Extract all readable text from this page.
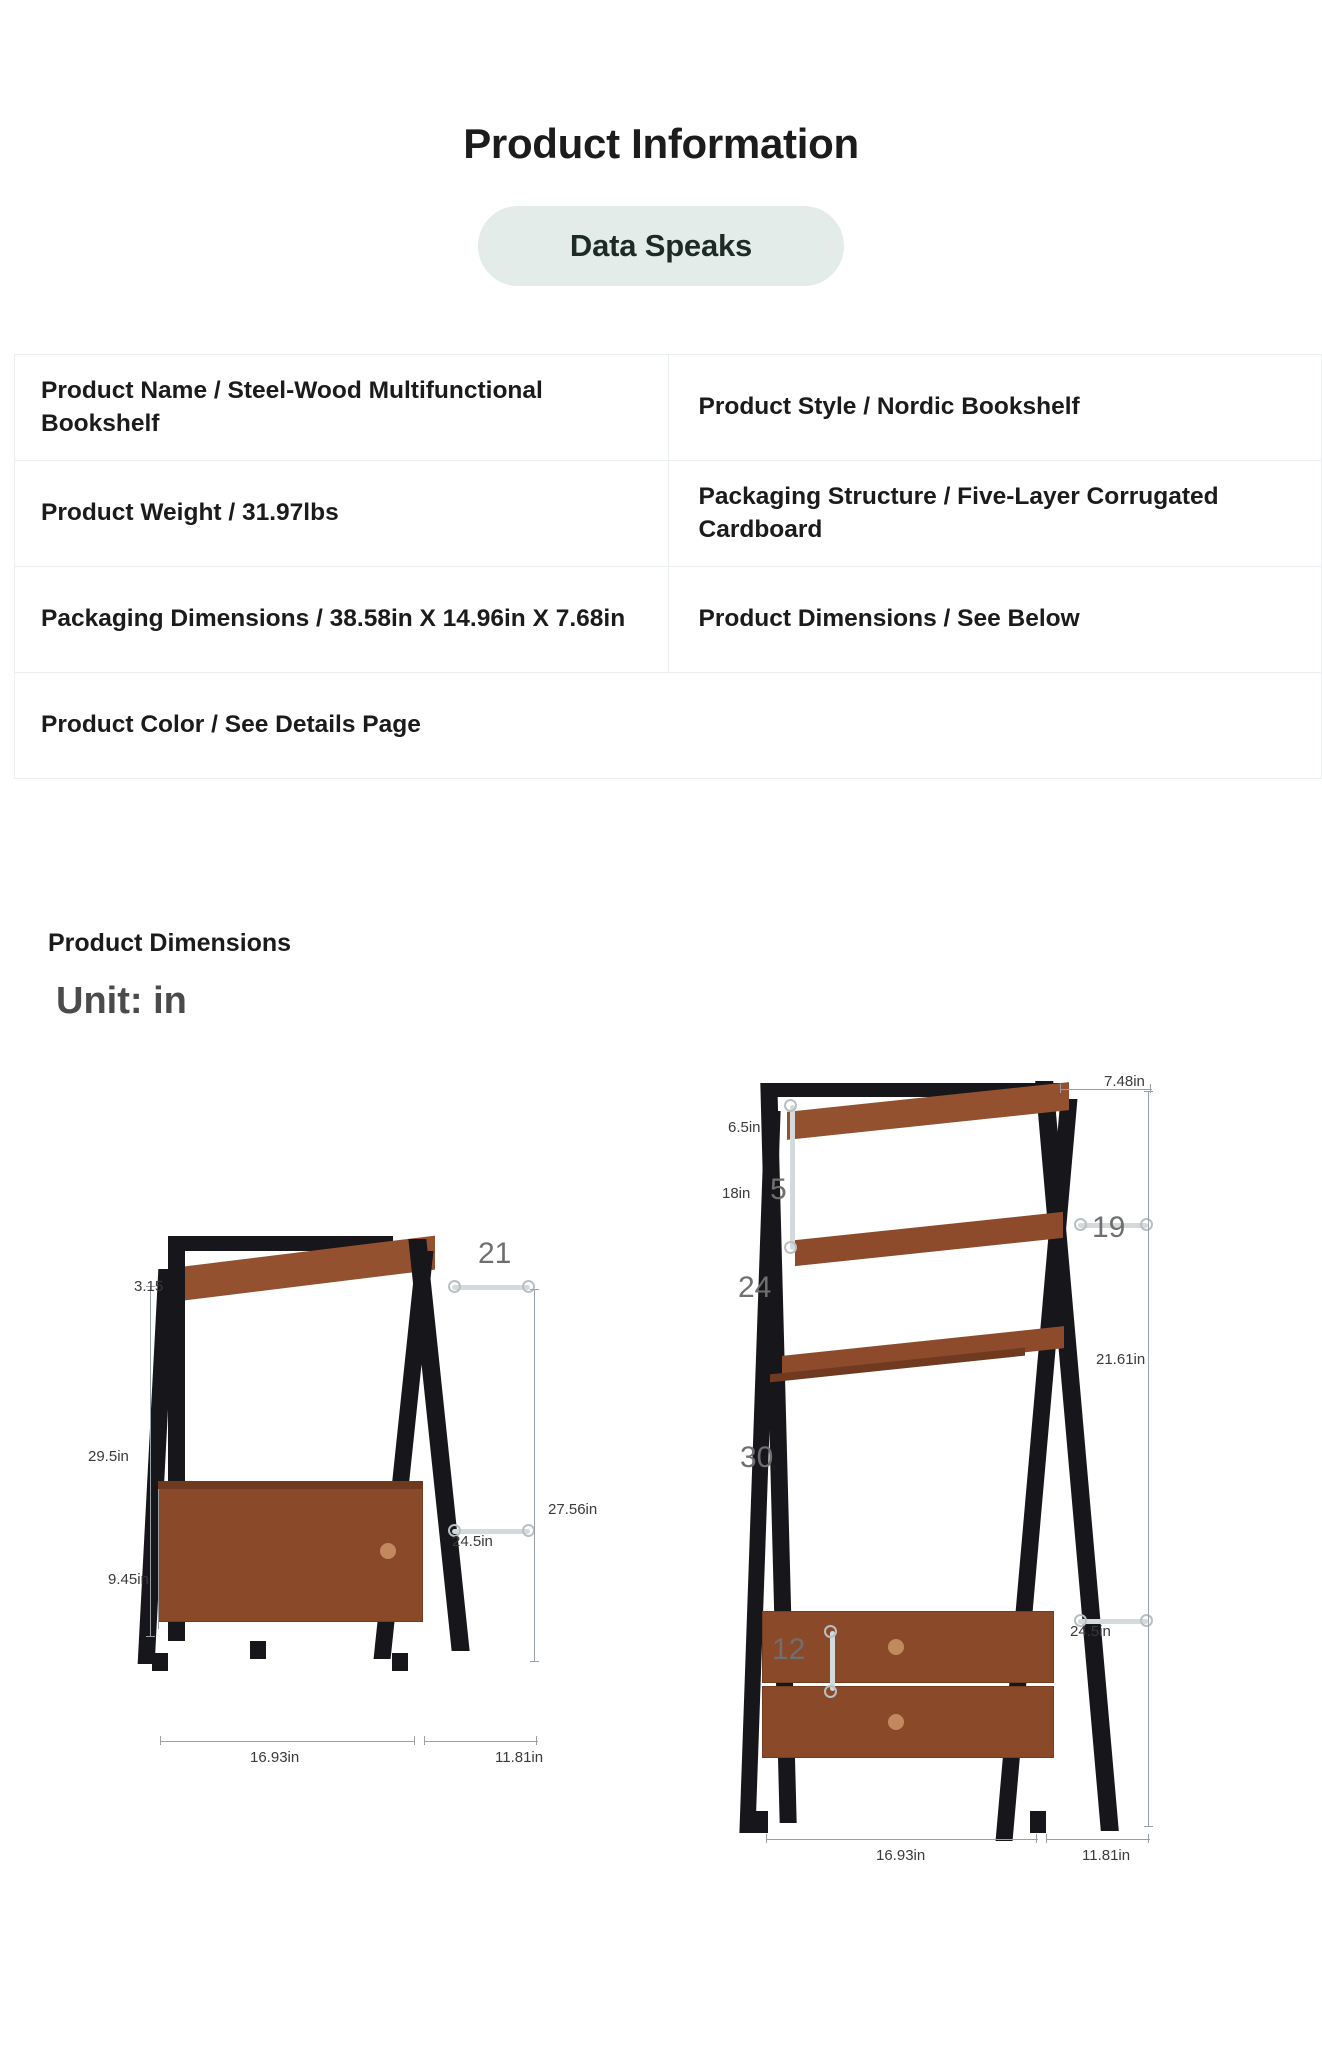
Product Information
Data Speaks
Product Name / Steel-Wood Multifunctional Bookshelf	Product Style / Nordic Bookshelf
Product Weight / 31.97lbs	Packaging Structure / Five-Layer Corrugated Cardboard
Packaging Dimensions / 38.58in X 14.96in X 7.68in	Product Dimensions / See Below
Product Color / See Details Page	
Product Dimensions
Unit: in
21
3.15
29.5in
27.56in
24.5in
9.45in
16.93in	11.81in
7.48in
6.5in
18in 5
19
24
30
12
21.61in
24.5in
16.93in	11.81in
